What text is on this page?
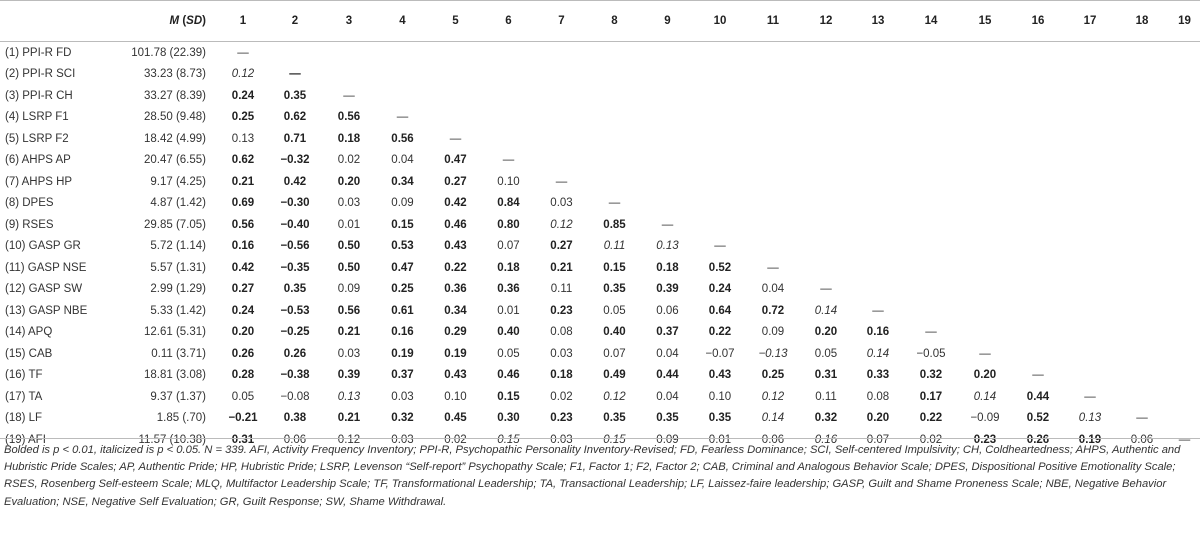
	M (SD)	1	2	3	4	5	6	7	8	9	10	11	12	13	14	15	16	17	18	19
(1) PPI-R FD	101.78 (22.39)	—																		
(2) PPI-R SCI	33.23 (8.73)	0.12	—																	
(3) PPI-R CH	33.27 (8.39)	0.24	0.35	—																
(4) LSRP F1	28.50 (9.48)	0.25	0.62	0.56	—															
(5) LSRP F2	18.42 (4.99)	0.13	0.71	0.18	0.56	—														
(6) AHPS AP	20.47 (6.55)	0.62	−0.32	0.02	0.04	0.47	—													
(7) AHPS HP	9.17 (4.25)	0.21	0.42	0.20	0.34	0.27	0.10	—												
(8) DPES	4.87 (1.42)	0.69	−0.30	0.03	0.09	0.42	0.84	0.03	—											
(9) RSES	29.85 (7.05)	0.56	−0.40	0.01	0.15	0.46	0.80	0.12	0.85	—										
(10) GASP GR	5.72 (1.14)	0.16	−0.56	0.50	0.53	0.43	0.07	0.27	0.11	0.13	—									
(11) GASP NSE	5.57 (1.31)	0.42	−0.35	0.50	0.47	0.22	0.18	0.21	0.15	0.18	0.52	—								
(12) GASP SW	2.99 (1.29)	0.27	0.35	0.09	0.25	0.36	0.36	0.11	0.35	0.39	0.24	0.04	—							
(13) GASP NBE	5.33 (1.42)	0.24	−0.53	0.56	0.61	0.34	0.01	0.23	0.05	0.06	0.64	0.72	0.14	—						
(14) APQ	12.61 (5.31)	0.20	−0.25	0.21	0.16	0.29	0.40	0.08	0.40	0.37	0.22	0.09	0.20	0.16	—					
(15) CAB	0.11 (3.71)	0.26	0.26	0.03	0.19	0.19	0.05	0.03	0.07	0.04	−0.07	−0.13	0.05	0.14	−0.05	—				
(16) TF	18.81 (3.08)	0.28	−0.38	0.39	0.37	0.43	0.46	0.18	0.49	0.44	0.43	0.25	0.31	0.33	0.32	0.20	—			
(17) TA	9.37 (1.37)	0.05	−0.08	0.13	0.03	0.10	0.15	0.02	0.12	0.04	0.10	0.12	0.11	0.08	0.17	0.14	0.44	—		
(18) LF	1.85 (.70)	−0.21	0.38	0.21	0.32	0.45	0.30	0.23	0.35	0.35	0.35	0.14	0.32	0.20	0.22	−0.09	0.52	0.13	—	
(19) AFI	11.57 (10.38)	0.31	0.06	0.12	0.03	0.02	0.15	0.03	0.15	0.09	0.01	0.06	0.16	0.07	0.02	0.23	0.26	0.19	0.06	—

Bolded is p < 0.01, italicized is p < 0.05. N = 339. AFI, Activity Frequency Inventory; PPI-R, Psychopathic Personality Inventory-Revised; FD, Fearless Dominance; SCI, Self-centered Impulsivity; CH, Coldheartedness; AHPS, Authentic and Hubristic Pride Scales; AP, Authentic Pride; HP, Hubristic Pride; LSRP, Levenson “Self-report” Psychopathy Scale; F1, Factor 1; F2, Factor 2; CAB, Criminal and Analogous Behavior Scale; DPES, Dispositional Positive Emotionality Scale; RSES, Rosenberg Self-esteem Scale; MLQ, Multifactor Leadership Scale; TF, Transformational Leadership; TA, Transactional Leadership; LF, Laissez-faire leadership; GASP, Guilt and Shame Proneness Scale; NBE, Negative Behavior Evaluation; NSE, Negative Self Evaluation; GR, Guilt Response; SW, Shame Withdrawal.
